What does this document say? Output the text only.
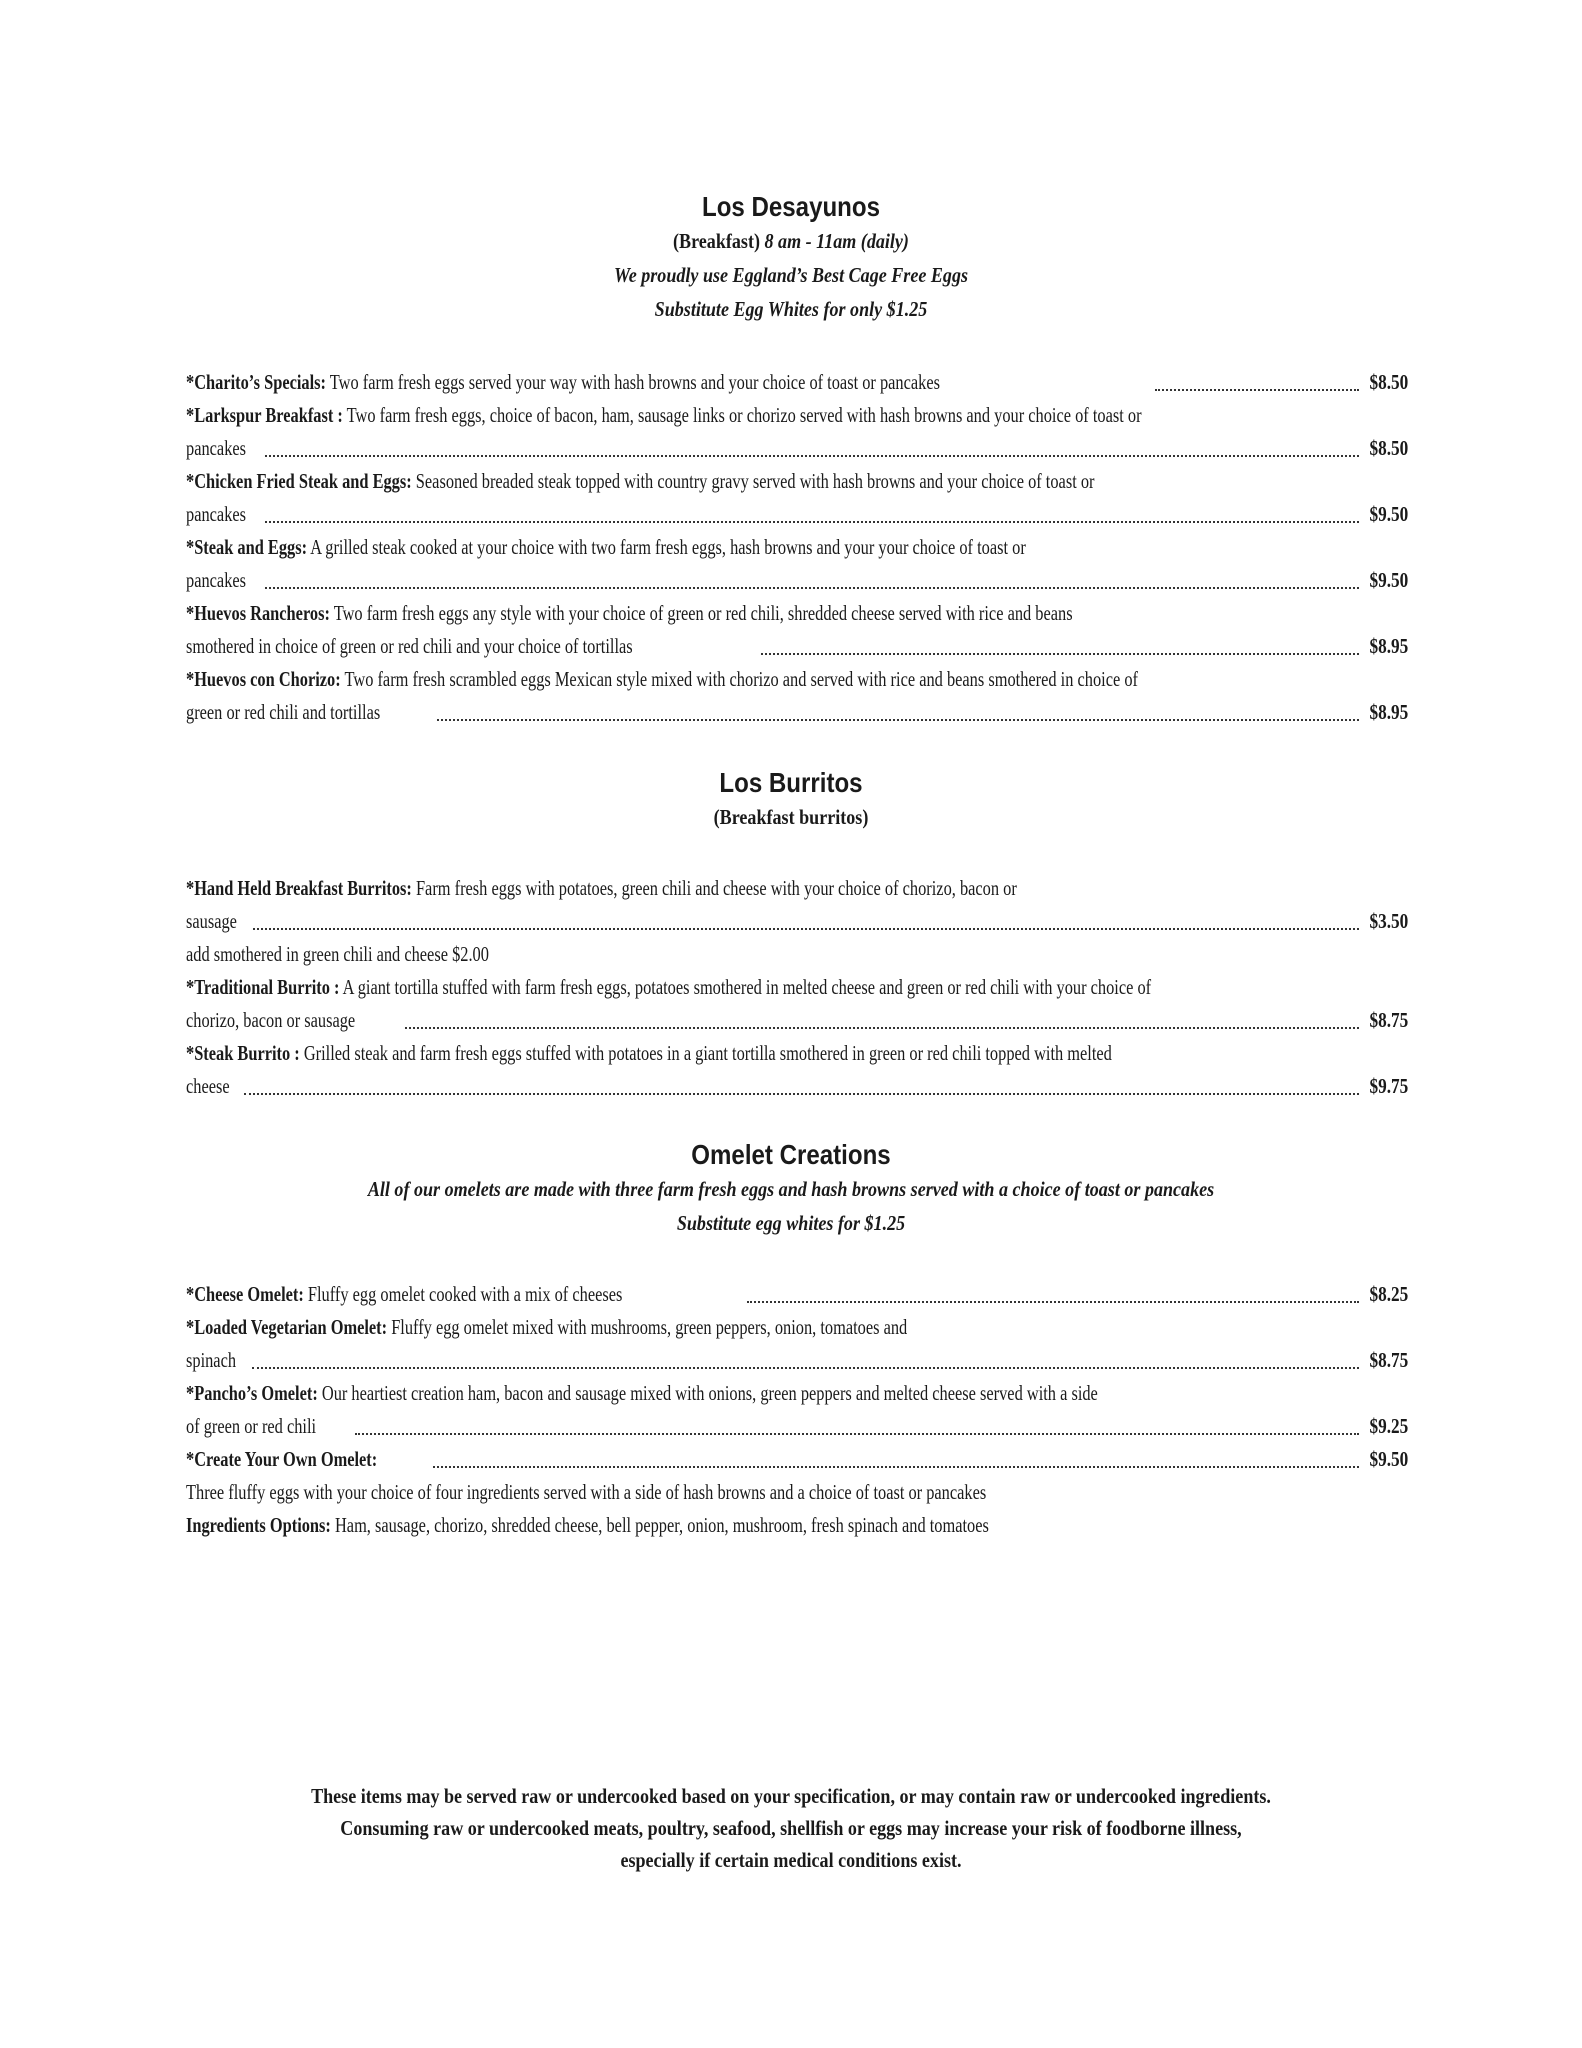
Los Desayunos
(Breakfast) 8 am - 11am (daily)
We proudly use Eggland’s Best Cage Free Eggs
Substitute Egg Whites for only $1.25
*Charito’s Specials: Two farm fresh eggs served your way with hash browns and your choice of toast or pancakes	$8.50
*Larkspur Breakfast : Two farm fresh eggs, choice of bacon, ham, sausage links or chorizo served with hash browns and your choice of toast or
pancakes	$8.50
*Chicken Fried Steak and Eggs: Seasoned breaded steak topped with country gravy served with hash browns and your choice of toast or
pancakes	$9.50
*Steak and Eggs: A grilled steak cooked at your choice with two farm fresh eggs, hash browns and your your choice of toast or
pancakes	$9.50
*Huevos Rancheros: Two farm fresh eggs any style with your choice of green or red chili, shredded cheese served with rice and beans
smothered in choice of green or red chili and your choice of tortillas	$8.95
*Huevos con Chorizo: Two farm fresh scrambled eggs Mexican style mixed with chorizo and served with rice and beans smothered in choice of
green or red chili and tortillas	$8.95
Los Burritos
(Breakfast burritos)
*Hand Held Breakfast Burritos: Farm fresh eggs with potatoes, green chili and cheese with your choice of chorizo, bacon or
sausage	$3.50
add smothered in green chili and cheese $2.00
*Traditional Burrito : A giant tortilla stuffed with farm fresh eggs, potatoes smothered in melted cheese and green or red chili with your choice of
chorizo, bacon or sausage	$8.75
*Steak Burrito : Grilled steak and farm fresh eggs stuffed with potatoes in a giant tortilla smothered in green or red chili topped with melted
cheese	$9.75
Omelet Creations
All of our omelets are made with three farm fresh eggs and hash browns served with a choice of toast or pancakes
Substitute egg whites for $1.25
*Cheese Omelet: Fluffy egg omelet cooked with a mix of cheeses	$8.25
*Loaded Vegetarian Omelet: Fluffy egg omelet mixed with mushrooms, green peppers, onion, tomatoes and
spinach	$8.75
*Pancho’s Omelet: Our heartiest creation ham, bacon and sausage mixed with onions, green peppers and melted cheese served with a side
of green or red chili	$9.25
*Create Your Own Omelet:	$9.50
Three fluffy eggs with your choice of four ingredients served with a side of hash browns and a choice of toast or pancakes
Ingredients Options: Ham, sausage, chorizo, shredded cheese, bell pepper, onion, mushroom, fresh spinach and tomatoes
These items may be served raw or undercooked based on your specification, or may contain raw or undercooked ingredients.
Consuming raw or undercooked meats, poultry, seafood, shellfish or eggs may increase your risk of foodborne illness,
especially if certain medical conditions exist.
